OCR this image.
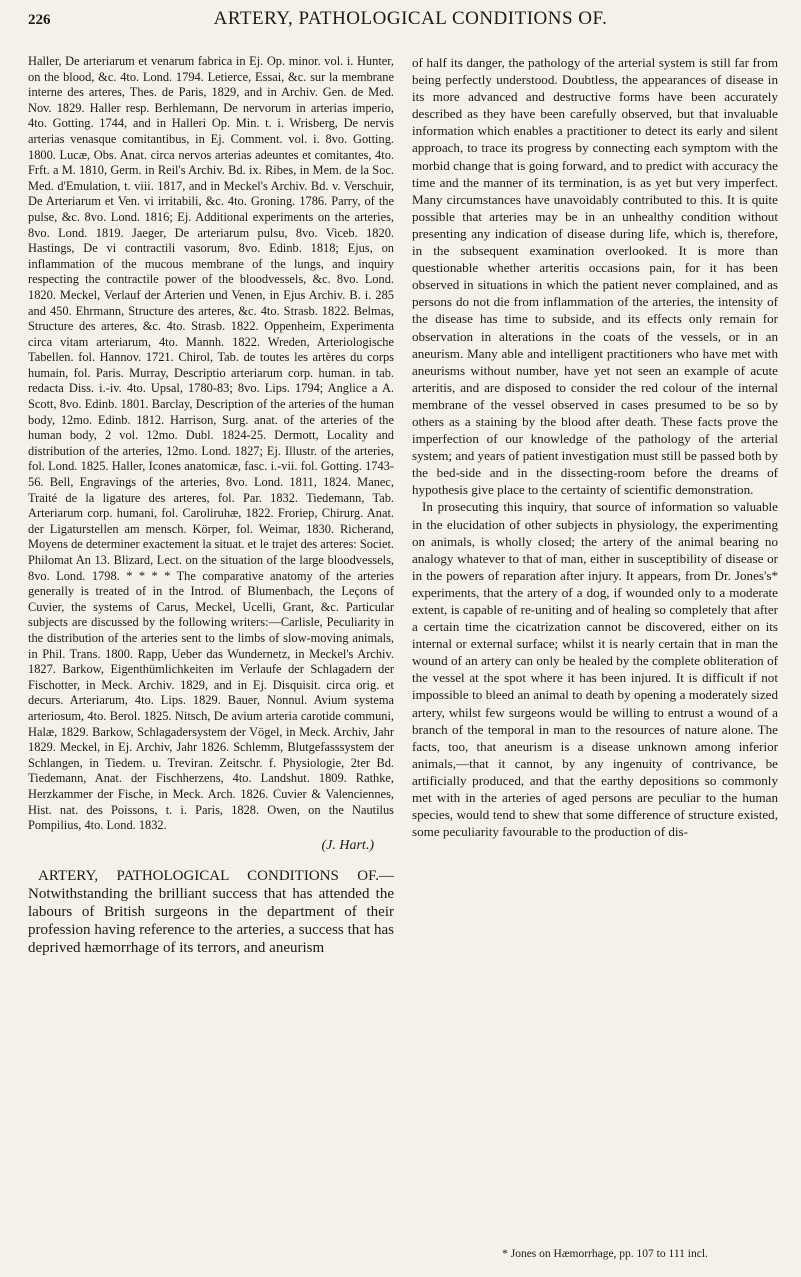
226	ARTERY, PATHOLOGICAL CONDITIONS OF.

Haller, De arteriarum et venarum fabrica in Ej. Op. minor. vol. i. Hunter, on the blood, &c. 4to. Lond. 1794. Letierce, Essai, &c. sur la membrane interne des arteres, Thes. de Paris, 1829, and in Archiv. Gen. de Med. Nov. 1829. Haller resp. Berhlemann, De nervorum in arterias imperio, 4to. Gotting. 1744, and in Halleri Op. Min. t. i. Wrisberg, De nervis arterias venasque comitantibus, in Ej. Comment. vol. i. 8vo. Gotting. 1800. Lucæ, Obs. Anat. circa nervos arterias adeuntes et comitantes, 4to. Frft. a M. 1810, Germ. in Reil's Archiv. Bd. ix. Ribes, in Mem. de la Soc. Med. d'Emulation, t. viii. 1817, and in Meckel's Archiv. Bd. v. Verschuir, De Arteriarum et Ven. vi irritabili, &c. 4to. Groning. 1786. Parry, of the pulse, &c. 8vo. Lond. 1816; Ej. Additional experiments on the arteries, 8vo. Lond. 1819. Jaeger, De arteriarum pulsu, 8vo. Viceb. 1820. Hastings, De vi contractili vasorum, 8vo. Edinb. 1818; Ejus, on inflammation of the mucous membrane of the lungs, and inquiry respecting the contractile power of the bloodvessels, &c. 8vo. Lond. 1820. Meckel, Verlauf der Arterien und Venen, in Ejus Archiv. B. i. 285 and 450. Ehrmann, Structure des arteres, &c. 4to. Strasb. 1822. Belmas, Structure des arteres, &c. 4to. Strasb. 1822. Oppenheim, Experimenta circa vitam arteriarum, 4to. Mannh. 1822. Wreden, Arteriologische Tabellen. fol. Hannov. 1721. Chirol, Tab. de toutes les artères du corps humain, fol. Paris. Murray, Descriptio arteriarum corp. human. in tab. redacta Diss. i.-iv. 4to. Upsal, 1780-83; 8vo. Lips. 1794; Anglice a A. Scott, 8vo. Edinb. 1801. Barclay, Description of the arteries of the human body, 12mo. Edinb. 1812. Harrison, Surg. anat. of the arteries of the human body, 2 vol. 12mo. Dubl. 1824-25. Dermott, Locality and distribution of the arteries, 12mo. Lond. 1827; Ej. Illustr. of the arteries, fol. Lond. 1825. Haller, Icones anatomicæ, fasc. i.-vii. fol. Gotting. 1743-56. Bell, Engravings of the arteries, 8vo. Lond. 1811, 1824. Manec, Traité de la ligature des arteres, fol. Par. 1832. Tiedemann, Tab. Arteriarum corp. humani, fol. Caroliruhæ, 1822. Froriep, Chirurg. Anat. der Ligaturstellen am mensch. Körper, fol. Weimar, 1830. Richerand, Moyens de determiner exactement la situat. et le trajet des arteres: Societ. Philomat An 13. Blizard, Lect. on the situation of the large bloodvessels, 8vo. Lond. 1798. * * * * The comparative anatomy of the arteries generally is treated of in the Introd. of Blumenbach, the Leçons of Cuvier, the systems of Carus, Meckel, Ucelli, Grant, &c. Particular subjects are discussed by the following writers:—Carlisle, Peculiarity in the distribution of the arteries sent to the limbs of slow-moving animals, in Phil. Trans. 1800. Rapp, Ueber das Wundernetz, in Meckel's Archiv. 1827. Barkow, Eigenthümlichkeiten im Verlaufe der Schlagadern der Fischotter, in Meck. Archiv. 1829, and in Ej. Disquisit. circa orig. et decurs. Arteriarum, 4to. Lips. 1829. Bauer, Nonnul. Avium systema arteriosum, 4to. Berol. 1825. Nitsch, De avium arteria carotide communi, Halæ, 1829. Barkow, Schlagadersystem der Vögel, in Meck. Archiv, Jahr 1829. Meckel, in Ej. Archiv, Jahr 1826. Schlemm, Blutgefasssystem der Schlangen, in Tiedem. u. Treviran. Zeitschr. f. Physiologie, 2ter Bd. Tiedemann, Anat. der Fischherzens, 4to. Landshut. 1809. Rathke, Herzkammer der Fische, in Meck. Arch. 1826. Cuvier & Valenciennes, Hist. nat. des Poissons, t. i. Paris, 1828. Owen, on the Nautilus Pompilius, 4to. Lond. 1832.

(J. Hart.)

ARTERY, PATHOLOGICAL CONDITIONS OF.—Notwithstanding the brilliant success that has attended the labours of British surgeons in the department of their profession having reference to the arteries, a success that has deprived hæmorrhage of its terrors, and aneurism

of half its danger, the pathology of the arterial system is still far from being perfectly understood. Doubtless, the appearances of disease in its more advanced and destructive forms have been accurately described as they have been carefully observed, but that invaluable information which enables a practitioner to detect its early and silent approach, to trace its progress by connecting each symptom with the morbid change that is going forward, and to predict with accuracy the time and the manner of its termination, is as yet but very imperfect. Many circumstances have unavoidably contributed to this. It is quite possible that arteries may be in an unhealthy condition without presenting any indication of disease during life, which is, therefore, in the subsequent examination overlooked. It is more than questionable whether arteritis occasions pain, for it has been observed in situations in which the patient never complained, and as persons do not die from inflammation of the arteries, the intensity of the disease has time to subside, and its effects only remain for observation in alterations in the coats of the vessels, or in an aneurism. Many able and intelligent practitioners who have met with aneurisms without number, have yet not seen an example of acute arteritis, and are disposed to consider the red colour of the internal membrane of the vessel observed in cases presumed to be so by others as a staining by the blood after death. These facts prove the imperfection of our knowledge of the pathology of the arterial system; and years of patient investigation must still be passed both by the bed-side and in the dissecting-room before the dreams of hypothesis give place to the certainty of scientific demonstration.

In prosecuting this inquiry, that source of information so valuable in the elucidation of other subjects in physiology, the experimenting on animals, is wholly closed; the artery of the animal bearing no analogy whatever to that of man, either in susceptibility of disease or in the powers of reparation after injury. It appears, from Dr. Jones's* experiments, that the artery of a dog, if wounded only to a moderate extent, is capable of re-uniting and of healing so completely that after a certain time the cicatrization cannot be discovered, either on its internal or external surface; whilst it is nearly certain that in man the wound of an artery can only be healed by the complete obliteration of the vessel at the spot where it has been injured. It is difficult if not impossible to bleed an animal to death by opening a moderately sized artery, whilst few surgeons would be willing to entrust a wound of a branch of the temporal in man to the resources of nature alone. The facts, too, that aneurism is a disease unknown among inferior animals,—that it cannot, by any ingenuity of contrivance, be artificially produced, and that the earthy depositions so commonly met with in the arteries of aged persons are peculiar to the human species, would tend to shew that some difference of structure existed, some peculiarity favourable to the production of dis-

* Jones on Hæmorrhage, pp. 107 to 111 incl.
